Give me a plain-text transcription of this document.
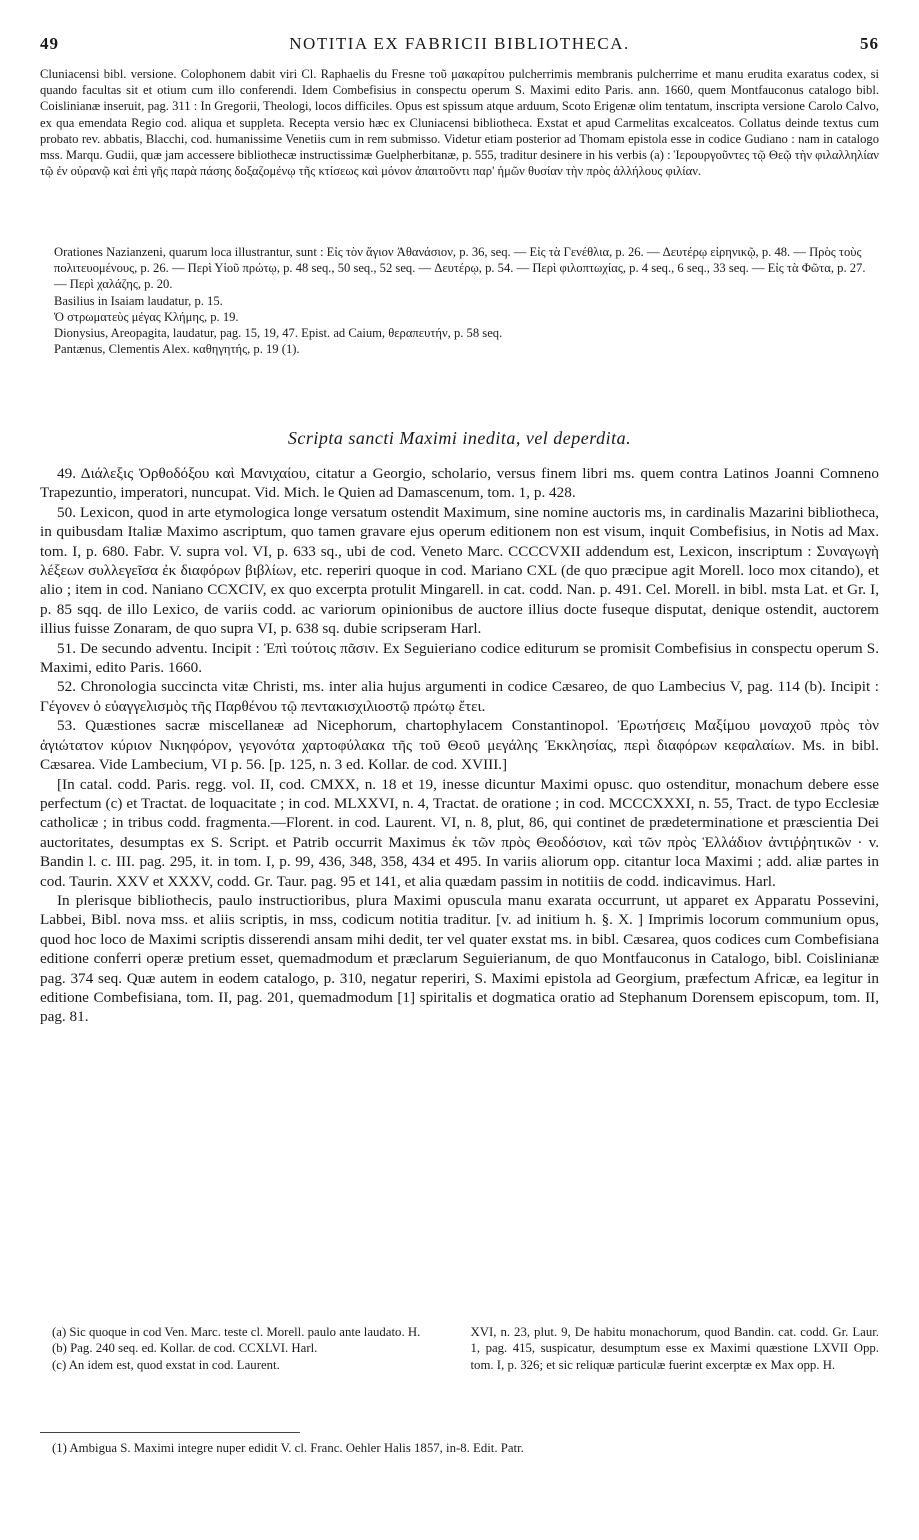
49	NOTITIA EX FABRICII BIBLIOTHECA.	56

Cluniacensi bibl. versione. Colophonem dabit viri Cl. Raphaelis du Fresne τοῦ μακαρίτου pulcherrimis membranis pulcherrime et manu erudita exaratus codex, si quando facultas sit et otium cum illo conferendi. Idem Combefisius in conspectu operum S. Maximi edito Paris. ann. 1660, quem Montfauconus catalogo bibl. Coislinianæ inseruit, pag. 311 : In Gregorii, Theologi, locos difficiles. Opus est spissum atque arduum, Scoto Erigenæ olim tentatum, inscripta versione Carolo Calvo, ex qua emendata Regio cod. aliqua et suppleta. Recepta versio hæc ex Cluniacensi bibliotheca. Exstat et apud Carmelitas excalceatos. Collatus deinde textus cum probato rev. abbatis, Blacchi, cod. humanissime Venetiis cum in rem submisso. Videtur etiam posterior ad Thomam epistola esse in codice Gudiano : nam in catalogo mss. Marqu. Gudii, quæ jam accessere bibliothecæ instructissimæ Guelpherbitanæ, p. 555, traditur desinere in his verbis (a) : Ἱερουργοῦντες τῷ Θεῷ τὴν φιλαλληλίαν τῷ ἐν οὐρανῷ καὶ ἐπὶ γῆς παρὰ πάσης δοξαζομένῳ τῆς κτίσεως καὶ μόνον ἀπαιτοῦντι παρ' ἡμῶν θυσίαν τὴν πρὸς ἀλλήλους φιλίαν.

Orationes Nazianzeni, quarum loca illustrantur, sunt : Εἰς τὸν ἅγιον Ἀθανάσιον, p. 36, seq. — Εἰς τὰ Γενέθλια, p. 26. — Δευτέρῳ εἰρηνικῷ, p. 48. — Πρὸς τοὺς πολιτευομένους, p. 26. — Περὶ Υἱοῦ πρώτῳ, p. 48 seq., 50 seq., 52 seq. — Δευτέρῳ, p. 54. — Περὶ φιλοπτωχίας, p. 4 seq., 6 seq., 33 seq. — Εἰς τὰ Φῶτα, p. 27. — Περὶ χαλάζης, p. 20.

Basilius in Isaiam laudatur, p. 15.

Ὁ στρωματεὺς μέγας Κλήμης, p. 19.

Dionysius, Areopagita, laudatur, pag. 15, 19, 47. Epist. ad Caium, θεραπευτήν, p. 58 seq.

Pantænus, Clementis Alex. καθηγητής, p. 19 (1).

Scripta sancti Maximi inedita, vel deperdita.

49. Διάλεξις Ὀρθοδόξου καὶ Μανιχαίου, citatur a Georgio, scholario, versus finem libri ms. quem contra Latinos Joanni Comneno Trapezuntio, imperatori, nuncupat. Vid. Mich. le Quien ad Damascenum, tom. 1, p. 428.

50. Lexicon, quod in arte etymologica longe versatum ostendit Maximum, sine nomine auctoris ms, in cardinalis Mazarini bibliotheca, in quibusdam Italiæ Maximo ascriptum, quo tamen gravare ejus operum editionem non est visum, inquit Combefisius, in Notis ad Max. tom. I, p. 680. Fabr. V. supra vol. VI, p. 633 sq., ubi de cod. Veneto Marc. CCCCVXII addendum est, Lexicon, inscriptum : Συναγωγὴ λέξεων συλλεγεῖσα ἐκ διαφόρων βιβλίων, etc. reperiri quoque in cod. Mariano CXL (de quo præcipue agit Morell. loco mox citando), et alio ; item in cod. Naniano CCXCIV, ex quo excerpta protulit Mingarell. in cat. codd. Nan. p. 491. Cel. Morell. in bibl. msta Lat. et Gr. I, p. 85 sqq. de illo Lexico, de variis codd. ac variorum opinionibus de auctore illius docte fuseque disputat, denique ostendit, auctorem illius fuisse Zonaram, de quo supra VI, p. 638 sq. dubie scripseram Harl.

51. De secundo adventu. Incipit : Ἐπὶ τούτοις πᾶσιν. Ex Seguieriano codice editurum se promisit Combefisius in conspectu operum S. Maximi, edito Paris. 1660.

52. Chronologia succincta vitæ Christi, ms. inter alia hujus argumenti in codice Cæsareo, de quo Lambecius V, pag. 114 (b). Incipit : Γέγονεν ὁ εὐαγγελισμὸς τῆς Παρθένου τῷ πεντακισχιλιοστῷ πρώτῳ ἔτει.

53. Quæstiones sacræ miscellaneæ ad Nicephorum, chartophylacem Constantinopol. Ἐρωτήσεις Μαξίμου μοναχοῦ πρὸς τὸν ἁγιώτατον κύριον Νικηφόρον, γεγονότα χαρτοφύλακα τῆς τοῦ Θεοῦ μεγάλης Ἐκκλησίας, περὶ διαφόρων κεφαλαίων. Ms. in bibl. Cæsarea. Vide Lambecium, VI p. 56. [p. 125, n. 3 ed. Kollar. de cod. XVIII.]

[In catal. codd. Paris. regg. vol. II, cod. CMXX, n. 18 et 19, inesse dicuntur Maximi opusc. quo ostenditur, monachum debere esse perfectum (c) et Tractat. de loquacitate ; in cod. MLXXVI, n. 4, Tractat. de oratione ; in cod. MCCCXXXI, n. 55, Tract. de typo Ecclesiæ catholicæ ; in tribus codd. fragmenta.—Florent. in cod. Laurent. VI, n. 8, plut, 86, qui continet de prædeterminatione et præscientia Dei auctoritates, desumptas ex S. Script. et Patrib occurrit Maximus ἐκ τῶν πρὸς Θεοδόσιον, καὶ τῶν πρὸς Ἑλλάδιον ἀντιῤῥητικῶν · v. Bandin l. c. III. pag. 295, it. in tom. I, p. 99, 436, 348, 358, 434 et 495. In variis aliorum opp. citantur loca Maximi ; add. aliæ partes in cod. Taurin. XXV et XXXV, codd. Gr. Taur. pag. 95 et 141, et alia quædam passim in notitiis de codd. indicavimus. Harl.

In plerisque bibliothecis, paulo instructioribus, plura Maximi opuscula manu exarata occurrunt, ut apparet ex Apparatu Possevini, Labbei, Bibl. nova mss. et aliis scriptis, in mss, codicum notitia traditur. [v. ad initium h. §. X. ] Imprimis locorum communium opus, quod hoc loco de Maximi scriptis disserendi ansam mihi dedit, ter vel quater exstat ms. in bibl. Cæsarea, quos codices cum Combefisiana editione conferri operæ pretium esset, quemadmodum et præclarum Seguierianum, de quo Montfauconus in Catalogo, bibl. Coislinianæ pag. 374 seq. Quæ autem in eodem catalogo, p. 310, negatur reperiri, S. Maximi epistola ad Georgium, præfectum Africæ, ea legitur in editione Combefisiana, tom. II, pag. 201, quemadmodum [1] spiritalis et dogmatica oratio ad Stephanum Dorensem episcopum, tom. II, pag. 81.

(a) Sic quoque in cod Ven. Marc. teste cl. Morell. paulo ante laudato. H.

(b) Pag. 240 seq. ed. Kollar. de cod. CCXLVI. Harl.

(c) An idem est, quod exstat in cod. Laurent.

XVI, n. 23, plut. 9, De habitu monachorum, quod Bandin. cat. codd. Gr. Laur. 1, pag. 415, suspicatur, desumptum esse ex Maximi quæstione LXVII Opp. tom. I, p. 326; et sic reliquæ particulæ fuerint excerptæ ex Max opp. H.

(1) Ambigua S. Maximi integre nuper edidit V. cl. Franc. Oehler Halis 1857, in-8. Edit. Patr.
